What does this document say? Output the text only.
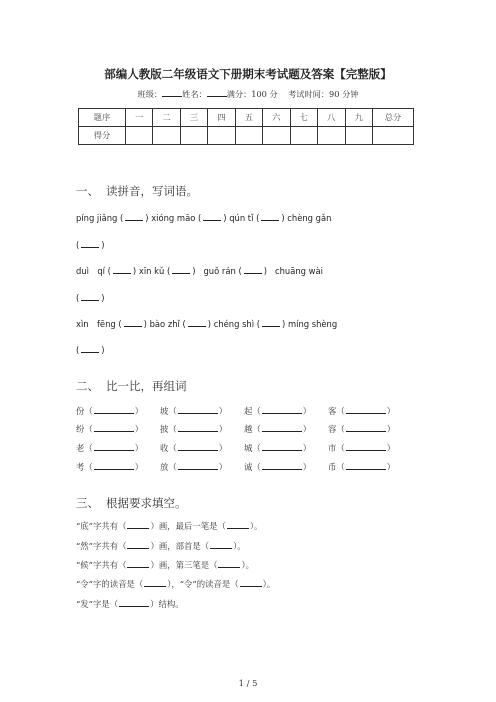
部编人教版二年级语文下册期末考试题及答案【完整版】
班级： 姓名： 满分：100 分 考试时间：90 分钟
题序	一	二	三	四	五	六	七	八	九	总分
得分										
一、 读拼音，写词语。
píng jiǎng (	) xióng māo (	) qún tǐ (	) chèng gǎn
(	)
duì　qí (	) xīn kǔ (	)   guǒ rán (	)   chuāng wài
(	)
xìn　fēng (	) bào zhǐ (	) chéng shì (	) míng shèng
(	)
二、 比一比，再组词
份（	） 坡（	） 起（	） 客（	）
纷（	） 披（	） 越（	） 容（	）
老（	） 收（	） 城（	） 市（	）
考（	） 放（	） 诚（	） 币（	）
三、 根据要求填空。
“底”字共有（	）画，最后一笔是（	）。
“然”字共有（	）画，部首是（	）。
“候”字共有（	）画，第三笔是（	）。
“令”字的读音是（	），“令”的读音是（	）。
“发”字是（	）结构。
1 / 5
